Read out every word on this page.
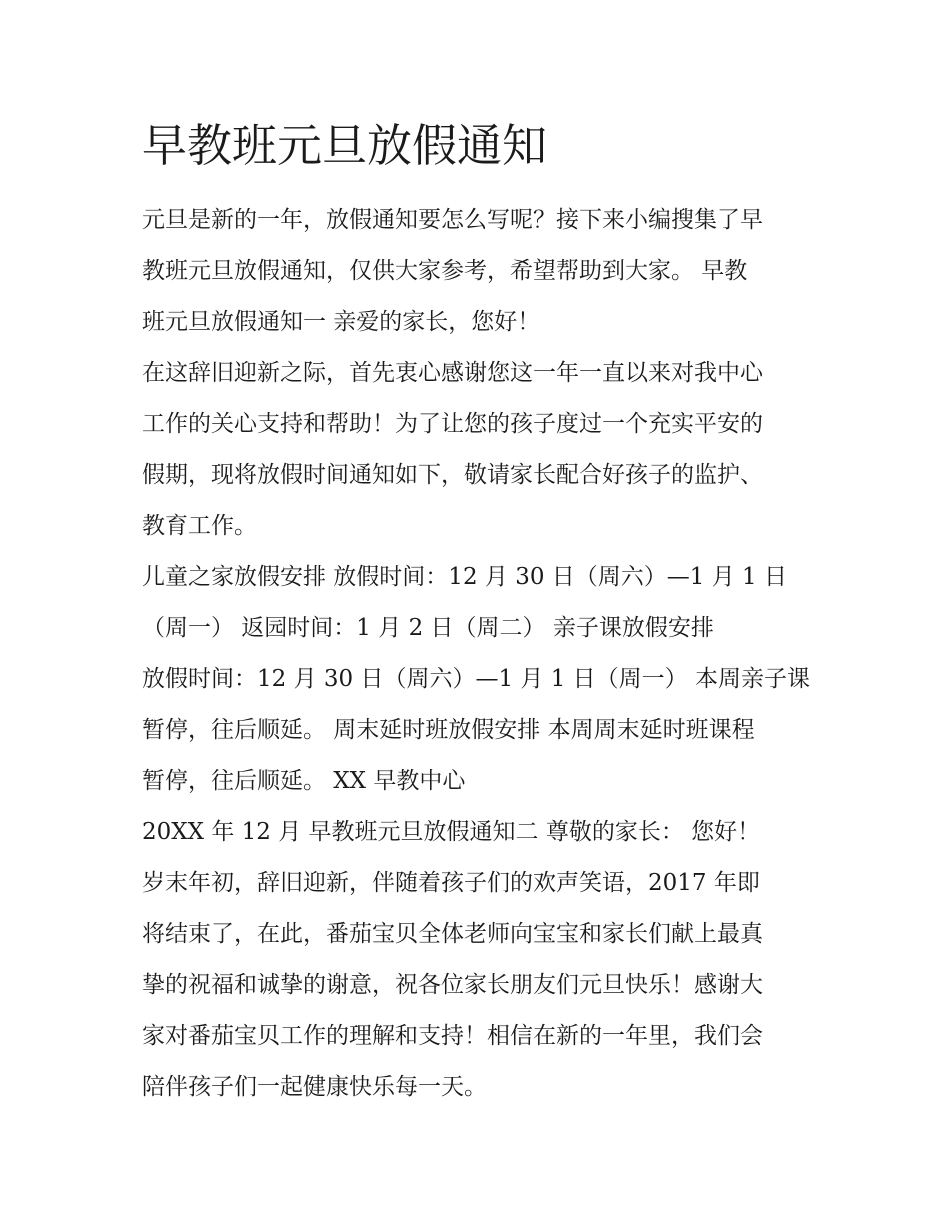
早教班元旦放假通知
元旦是新的一年，放假通知要怎么写呢？接下来小编搜集了早
教班元旦放假通知，仅供大家参考，希望帮助到大家。 早教
班元旦放假通知一 亲爱的家长，您好！
在这辞旧迎新之际，首先衷心感谢您这一年一直以来对我中心
工作的关心支持和帮助！为了让您的孩子度过一个充实平安的
假期，现将放假时间通知如下，敬请家长配合好孩子的监护、
教育工作。
儿童之家放假安排 放假时间：12 月 30 日（周六）—1 月 1 日
（周一） 返园时间：1 月 2 日（周二） 亲子课放假安排
放假时间：12 月 30 日（周六）—1 月 1 日（周一） 本周亲子课
暂停，往后顺延。 周末延时班放假安排 本周周末延时班课程
暂停，往后顺延。 XX 早教中心
20XX 年 12 月 早教班元旦放假通知二 尊敬的家长： 您好！
岁末年初，辞旧迎新，伴随着孩子们的欢声笑语，2017 年即
将结束了，在此，番茄宝贝全体老师向宝宝和家长们献上最真
挚的祝福和诚挚的谢意，祝各位家长朋友们元旦快乐！感谢大
家对番茄宝贝工作的理解和支持！相信在新的一年里，我们会
陪伴孩子们一起健康快乐每一天。
